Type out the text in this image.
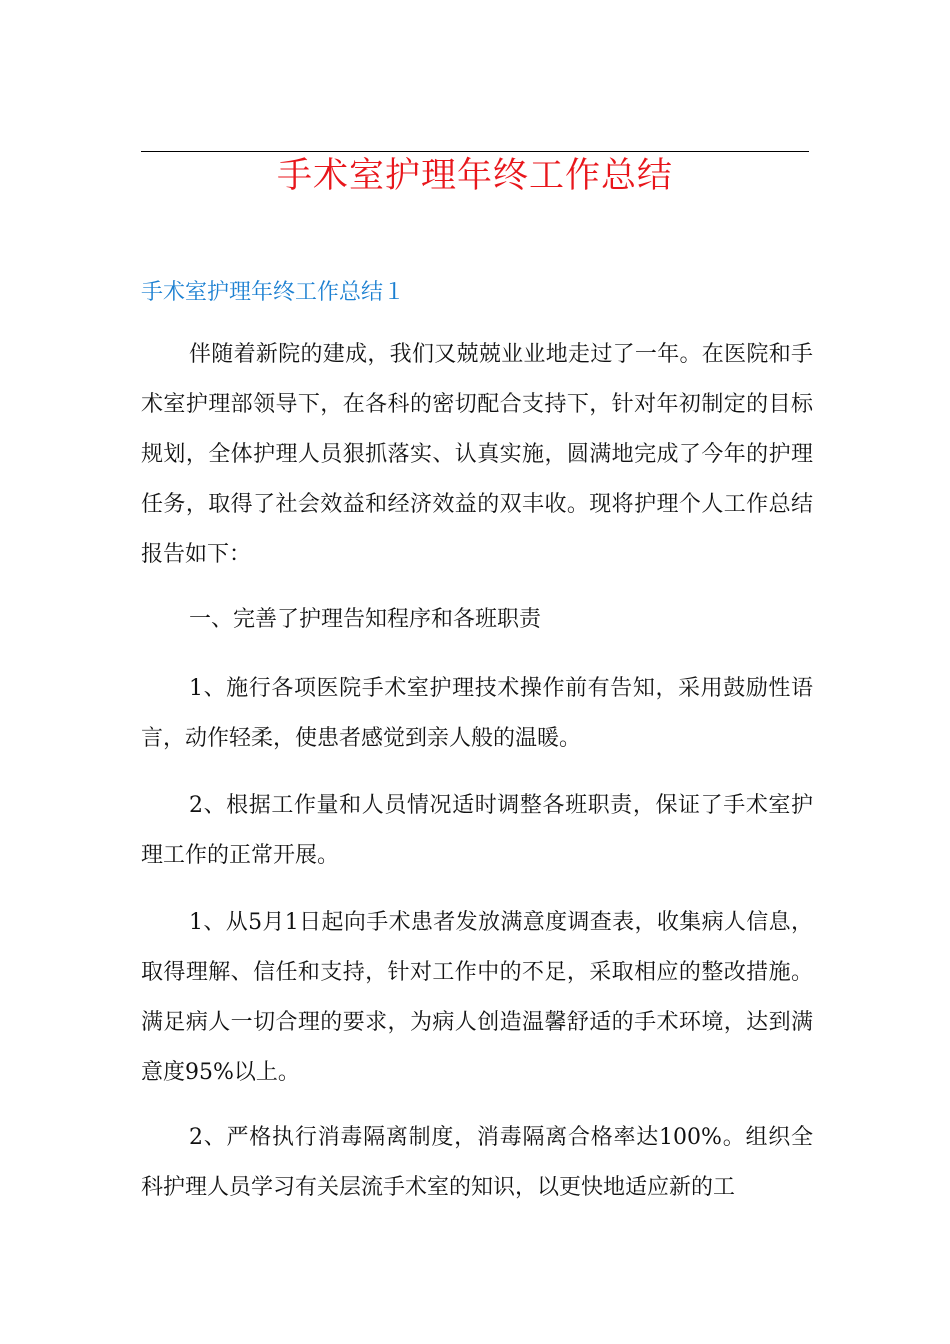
手术室护理年终工作总结
手术室护理年终工作总结１

伴随着新院的建成，我们又兢兢业业地走过了一年。在医院和手术室护理部领导下，在各科的密切配合支持下，针对年初制定的目标规划，全体护理人员狠抓落实、认真实施，圆满地完成了今年的护理任务，取得了社会效益和经济效益的双丰收。现将护理个人工作总结报告如下：

一、完善了护理告知程序和各班职责

1、施行各项医院手术室护理技术操作前有告知，采用鼓励性语言，动作轻柔，使患者感觉到亲人般的温暖。

2、根据工作量和人员情况适时调整各班职责，保证了手术室护理工作的正常开展。

1、从5月1日起向手术患者发放满意度调查表，收集病人信息，取得理解、信任和支持，针对工作中的不足，采取相应的整改措施。满足病人一切合理的要求，为病人创造温馨舒适的手术环境，达到满意度95%以上。

2、严格执行消毒隔离制度，消毒隔离合格率达100%。组织全科护理人员学习有关层流手术室的知识，以更快地适应新的工
